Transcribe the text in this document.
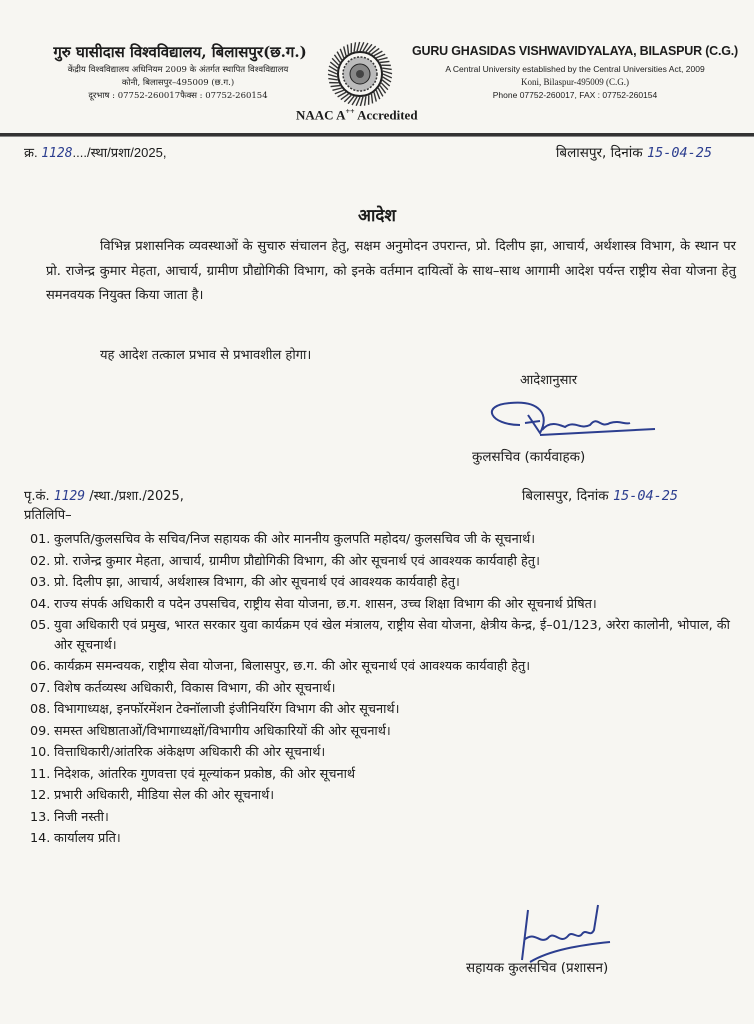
गुरु घासीदास विश्वविद्यालय, बिलासपुर(छ.ग.)
केंद्रीय विश्वविद्यालय अधिनियम 2009 के अंतर्गत स्थापित विश्वविद्यालय
कोनी, बिलासपुर–495009 (छ.ग.)
दूरभाष : 07752-260017फैक्स : 07752-260154
NAAC A++ Accredited
GURU GHASIDAS VISHWAVIDYALAYA, BILASPUR (C.G.)
A Central University established by the Central Universities Act, 2009
Koni, Bilaspur-495009 (C.G.)
Phone 07752-260017, FAX : 07752-260154
क्र. 1128..../स्था/प्रशा/2025,	बिलासपुर, दिनांक 15-04-25
आदेश
विभिन्न प्रशासनिक व्यवस्थाओं के सुचारु संचालन हेतु, सक्षम अनुमोदन उपरान्त, प्रो. दिलीप झा, आचार्य, अर्थशास्त्र विभाग, के स्थान पर प्रो. राजेन्द्र कुमार मेहता, आचार्य, ग्रामीण प्रौद्योगिकी विभाग, को इनके वर्तमान दायित्वों के साथ–साथ आगामी आदेश पर्यन्त राष्ट्रीय सेवा योजना हेतु समनवयक नियुक्त किया जाता है।
यह आदेश तत्काल प्रभाव से प्रभावशील होगा।
आदेशानुसार
कुलसचिव (कार्यवाहक)
पृ.कं. 1129 /स्था./प्रशा./2025,	बिलासपुर, दिनांक 15-04-25
प्रतिलिपि–
01. कुलपति/कुलसचिव के सचिव/निज सहायक की ओर माननीय कुलपति महोदय/ कुलसचिव जी के सूचनार्थ।
02. प्रो. राजेन्द्र कुमार मेहता, आचार्य, ग्रामीण प्रौद्योगिकी विभाग, की ओर सूचनार्थ एवं आवश्यक कार्यवाही हेतु।
03. प्रो. दिलीप झा, आचार्य, अर्थशास्त्र विभाग, की ओर सूचनार्थ एवं आवश्यक कार्यवाही हेतु।
04. राज्य संपर्क अधिकारी व पदेन उपसचिव, राष्ट्रीय सेवा योजना, छ.ग. शासन, उच्च शिक्षा विभाग की ओर सूचनार्थ प्रेषित।
05. युवा अधिकारी एवं प्रमुख, भारत सरकार युवा कार्यक्रम एवं खेल मंत्रालय, राष्ट्रीय सेवा योजना, क्षेत्रीय केन्द्र, ई–01/123, अरेरा कालोनी, भोपाल, की ओर सूचनार्थ।
06. कार्यक्रम समन्वयक, राष्ट्रीय सेवा योजना, बिलासपुर, छ.ग. की ओर सूचनार्थ एवं आवश्यक कार्यवाही हेतु।
07. विशेष कर्तव्यस्थ अधिकारी, विकास विभाग, की ओर सूचनार्थ।
08. विभागाध्यक्ष, इनफॉरमेंशन टेक्नॉलाजी इंजीनियरिंग विभाग की ओर सूचनार्थ।
09. समस्त अधिष्ठाताओं/विभागाध्यक्षों/विभागीय अधिकारियों की ओर सूचनार्थ।
10. वित्ताधिकारी/आंतरिक अंकेक्षण अधिकारी की ओर सूचनार्थ।
11. निदेशक, आंतरिक गुणवत्ता एवं मूल्यांकन प्रकोष्ठ, की ओर सूचनार्थ
12. प्रभारी अधिकारी, मीडिया सेल की ओर सूचनार्थ।
13. निजी नस्ती।
14. कार्यालय प्रति।
सहायक कुलसचिव (प्रशासन)
